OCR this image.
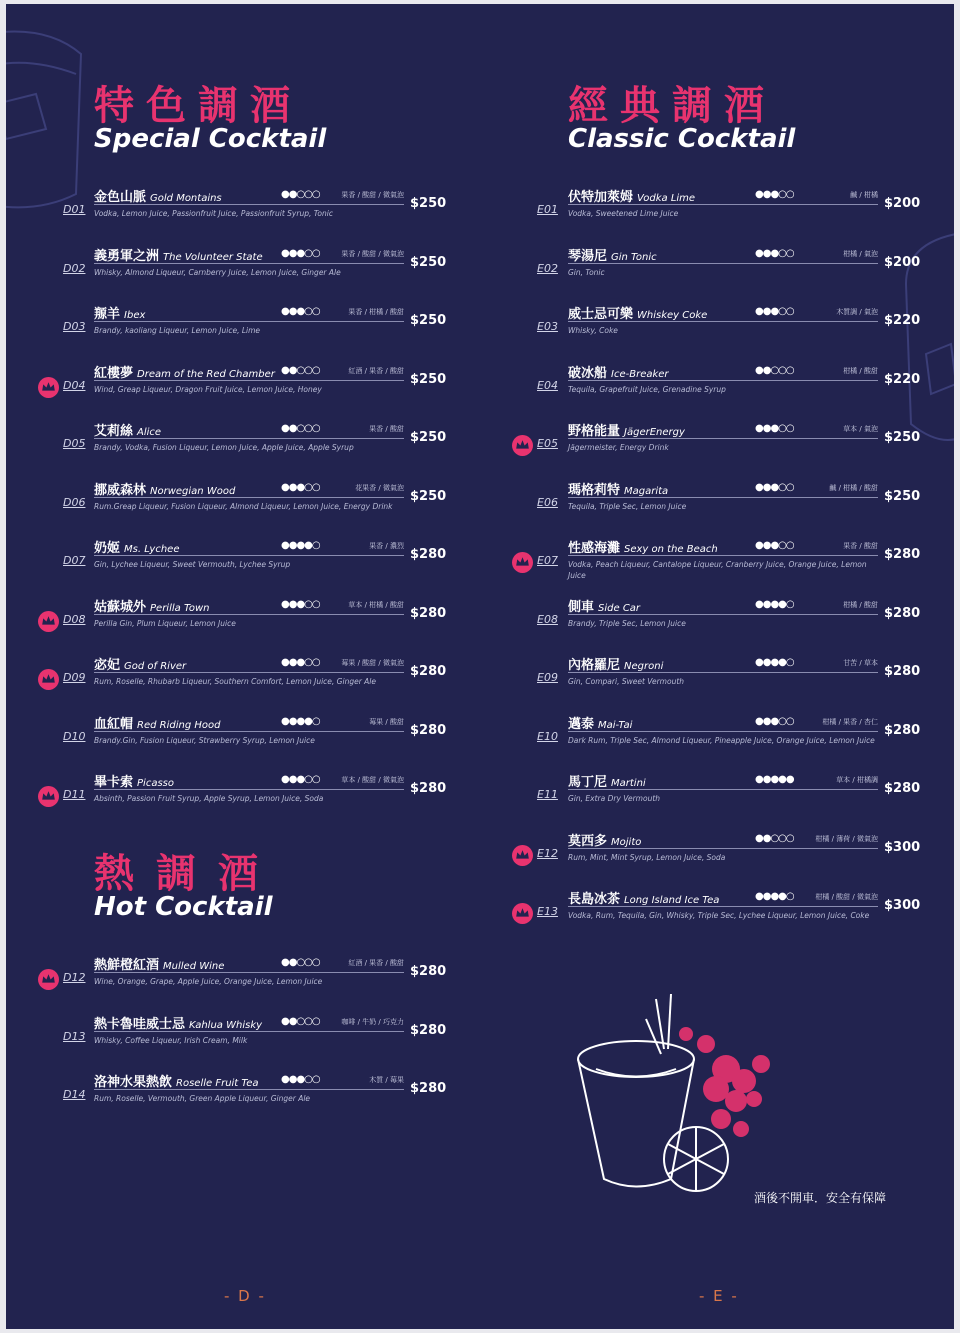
特色調酒
Special Cocktail
D01
金色山脈 Gold Montains	●●○○○	果香 / 酸甜 / 微氣泡
Vodka, Lemon Juice, Passionfruit Juice, Passionfruit Syrup, Tonic
$250
D02
義勇軍之洲 The Volunteer State ●●●○○	果香 / 酸甜 / 微氣泡
Whisky, Almond Liqueur, Carnberry Juice, Lemon Juice, Ginger Ale
$250
D03
羱羊 Ibex	●●●○○	果香 / 柑橘 / 酸甜
Brandy, kaoliang Liqueur, Lemon Juice, Lime
$250
D04
紅樓夢 Dream of the Red Chamber ●●○○○	紅酒 / 果香 / 酸甜
Wind, Greap Liqueur, Dragon Fruit Juice, Lemon Juice, Honey
$250
D05
艾莉絲 Alice	●●○○○	果香 / 酸甜
Brandy, Vodka, Fusion Liqueur, Lemon Juice, Apple Juice, Apple Syrup
$250
D06
挪威森林 Norwegian Wood	●●●○○	花果香 / 微氣泡
Rum.Greap Liqueur, Fusion Liqueur, Almond Liqueur, Lemon Juice, Energy Drink
$250
D07
奶姬 Ms. Lychee	●●●●○	果香 / 濃烈
Gin, Lychee Liqueur, Sweet Vermouth, Lychee Syrup
$280
D08
姑蘇城外 Perilla Town	●●●○○	草本 / 柑橘 / 酸甜
Perilla Gin, Plum Liqueur, Lemon Juice
$280
D09
宓妃 God of River	●●●○○	莓果 / 酸甜 / 微氣泡
Rum, Roselle, Rhubarb Liqueur, Southern Comfort, Lemon Juice, Ginger Ale
$280
D10
血紅帽 Red Riding Hood	●●●●○	莓果 / 酸甜
Brandy.Gin, Fusion Liqueur, Strawberry Syrup, Lemon Juice
$280
D11
畢卡索 Picasso	●●●○○	草本 / 酸甜 / 微氣泡
Absinth, Passion Fruit Syrup, Apple Syrup, Lemon Juice, Soda
$280
熱調酒
Hot Cocktail
D12
熱鮮橙紅酒 Mulled Wine	●●○○○	紅酒 / 果香 / 酸甜
Wine, Orange, Grape, Apple Juice, Orange Juice, Lemon Juice
$280
D13
熱卡魯哇威士忌 Kahlua Whisky ●●○○○	咖啡 / 牛奶 / 巧克力
Whisky, Coffee Liqueur, Irish Cream, Milk
$280
D14
洛神水果熱飲 Roselle Fruit Tea ●●●○○	木質 / 莓果
Rum, Roselle, Vermouth, Green Apple Liqueur, Ginger Ale
$280
- D -
經典調酒
Classic Cocktail
E01
伏特加萊姆 Vodka Lime	●●●○○	鹹 / 柑橘
Vodka, Sweetened Lime Juice
$200
E02
琴湯尼 Gin Tonic	●●●○○	柑橘 / 氣泡
Gin, Tonic
$200
E03
威士忌可樂 Whiskey Coke	●●●○○	木質調 / 氣泡
Whisky, Coke
$220
E04
破冰船 Ice-Breaker	●●○○○	柑橘 / 酸甜
Tequila, Grapefruit Juice, Grenadine Syrup
$220
E05
野格能量 JägerEnergy	●●●○○	草本 / 氣泡
Jägermeister, Energy Drink
$250
E06
瑪格莉特 Magarita	●●●○○	鹹 / 柑橘 / 酸甜
Tequila, Triple Sec, Lemon Juice
$250
E07
性感海灘 Sexy on the Beach	●●●○○	果香 / 酸甜
Vodka, Peach Liqueur, Cantalope Liqueur, Cranberry Juice, Orange Juice, Lemon Juice
$280
E08
側車 Side Car	●●●●○	柑橘 / 酸甜
Brandy, Triple Sec, Lemon Juice
$280
E09
內格羅尼 Negroni	●●●●○	甘苦 / 草本
Gin, Compari, Sweet Vermouth
$280
E10
邁泰 Mai-Tai	●●●○○	柑橘 / 果香 / 杏仁
Dark Rum, Triple Sec, Almond Liqueur, Pineapple Juice, Orange Juice, Lemon Juice
$280
E11
馬丁尼 Martini	●●●●●	草本 / 柑橘調
Gin, Extra Dry Vermouth
$280
E12
莫西多 Mojito	●●○○○	柑橘 / 薄荷 / 微氣泡
Rum, Mint, Mint Syrup, Lemon Juice, Soda
$300
E13
長島冰茶 Long Island Ice Tea	●●●●○	柑橘 / 酸甜 / 微氣泡
Vodka, Rum, Tequila, Gin, Whisky, Triple Sec, Lychee Liqueur, Lemon Juice, Coke
$300
- E -
酒後不開車．安全有保障
